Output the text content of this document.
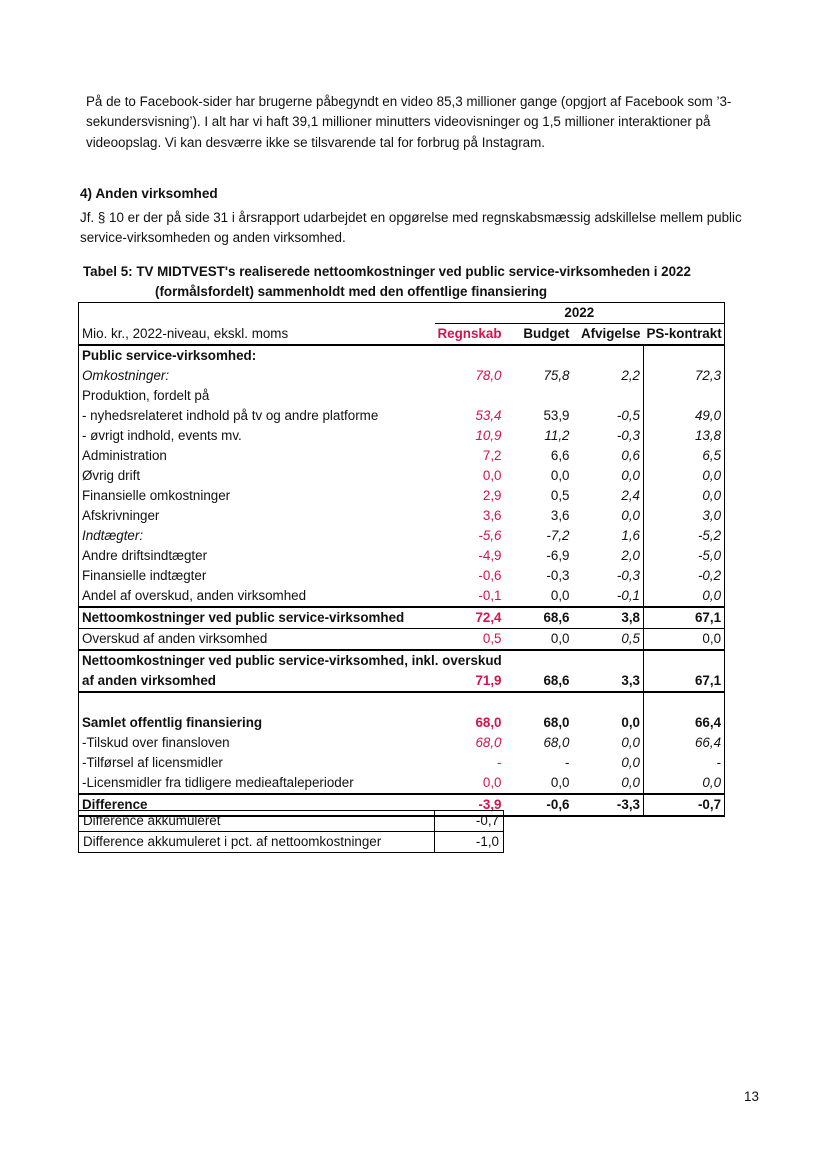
På de to Facebook-sider har brugerne påbegyndt en video 85,3 millioner gange (opgjort af Facebook som ’3-sekundersvisning’). I alt har vi haft 39,1 millioner minutters videovisninger og 1,5 millioner interaktioner på videoopslag. Vi kan desværre ikke se tilsvarende tal for forbrug på Instagram.

4) Anden virksomhed

Jf. § 10 er der på side 31 i årsrapport udarbejdet en opgørelse med regnskabsmæssig adskillelse mellem public service-virksomheden og anden virksomhed.

Tabel 5: TV MIDTVEST's realiserede nettoomkostninger ved public service-virksomheden i 2022
(formålsfordelt) sammenholdt med den offentlige finansiering
	2022			
Mio. kr., 2022-niveau, ekskl. moms	Regnskab	Budget	Afvigelse	PS-kontrakt
Public service-virksomhed:				
Omkostninger:	78,0	75,8	2,2	72,3
Produktion, fordelt på				
- nyhedsrelateret indhold på tv og andre platforme	53,4	53,9	-0,5	49,0
- øvrigt indhold, events mv.	10,9	11,2	-0,3	13,8
Administration	7,2	6,6	0,6	6,5
Øvrig drift	0,0	0,0	0,0	0,0
Finansielle omkostninger	2,9	0,5	2,4	0,0
Afskrivninger	3,6	3,6	0,0	3,0
Indtægter:	-5,6	-7,2	1,6	-5,2
Andre driftsindtægter	-4,9	-6,9	2,0	-5,0
Finansielle indtægter	-0,6	-0,3	-0,3	-0,2
Andel af overskud, anden virksomhed	-0,1	0,0	-0,1	0,0
Nettoomkostninger ved public service-virksomhed	72,4	68,6	3,8	67,1
Overskud af anden virksomhed	0,5	0,0	0,5	0,0
Nettoomkostninger ved public service-virksomhed, inkl. overskud				
af anden virksomhed	71,9	68,6	3,3	67,1

Samlet offentlig finansiering	68,0	68,0	0,0	66,4
-Tilskud over finansloven	68,0	68,0	0,0	66,4
-Tilførsel af licensmidler	-	-	0,0	-
-Licensmidler fra tidligere medieaftaleperioder	0,0	0,0	0,0	0,0
Difference	-3,9	-0,6	-3,3	-0,7
Difference akkumuleret	-0,7
Difference akkumuleret i pct. af nettoomkostninger	-1,0
13
